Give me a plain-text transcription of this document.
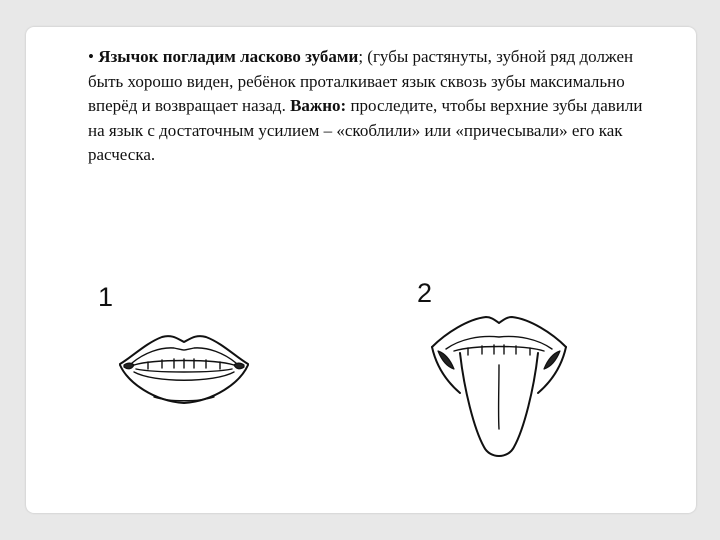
• Язычок погладим ласково зубами; (губы растянуты, зубной ряд должен быть хорошо виден, ребёнок проталкивает язык сквозь зубы максимально вперёд и возвращает назад. Важно: проследите, чтобы верхние зубы давили на язык с достаточным усилием – «скоблили» или «причесывали» его как расческа.
1	2
